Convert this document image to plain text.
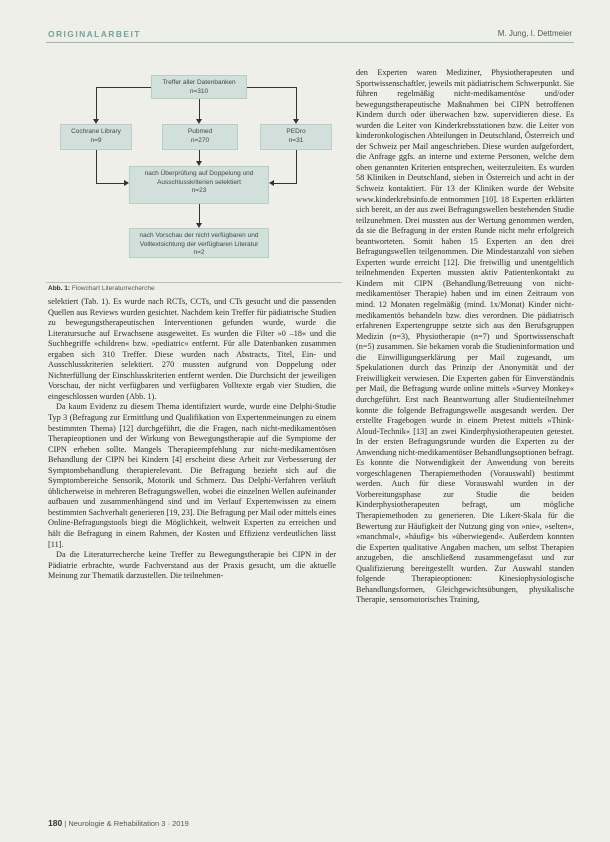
ORIGINALARBEIT	M. Jung, I. Dettmeier
Treffer aller Datenbanken
n=310
Cochrane Library
n=9
Pubmed
n=270
PEDro
n=31
nach Überprüfung auf Doppelung und
Ausschlusskriterien selektiert
n=23
nach Vorschau der nicht verfügbaren und
Volltextsichtung der verfügbaren Literatur
n=2
Abb. 1: Flowchart Literaturrecherche

selektiert (Tab. 1). Es wurde nach RCTs, CCTs, und CTs gesucht und die passenden Quellen aus Reviews wurden gesichtet. Nachdem kein Treffer für pädiatrische Studien zu bewegungstherapeutischen Interventionen gefunden wurde, wurde die Literatursuche auf Erwachsene ausgeweitet. Es wurden die Filter »0 –18« und die Suchbegriffe »children« bzw. »pediatric« entfernt. Für alle Datenbanken zusammen ergaben sich 310 Treffer. Diese wurden nach Abstracts, Titel, Ein- und Ausschlusskriterien selektiert. 270 mussten aufgrund von Doppelung oder Nichterfüllung der Einschlusskriterien entfernt werden. Die Durchsicht der jeweiligen Vorschau, der nicht verfügbaren und verfügbaren Volltexte ergab vier Studien, die eingeschlossen wurden (Abb. 1).

Da kaum Evidenz zu diesem Thema identifiziert wurde, wurde eine Delphi-Studie Typ 3 (Befragung zur Ermittlung und Qualifikation von Expertenmeinungen zu einem bestimmten Thema) [12] durchgeführt, die die Fragen, nach nicht-medikamentösen Therapieoptionen und der Wirkung von Bewegungstherapie auf die Symptome der CIPN erheben sollte. Mangels Therapieempfehlung zur nicht-medikamentösen Behandlung der CIPN bei Kindern [4] erscheint diese Arbeit zur Verbesserung der Symptombehandlung therapierelevant. Die Befragung bezieht sich auf die Symptombereiche Sensorik, Motorik und Schmerz. Das Delphi-Verfahren verläuft üblicherweise in mehreren Befragungswellen, wobei die einzelnen Wellen aufeinander aufbauen und zusammenhängend sind und im Verlauf Expertenwissen zu einem bestimmten Sachverhalt generieren [19, 23]. Die Befragung per Mail oder mittels eines Online-Befragungstools biegt die Möglichkeit, weltweit Experten zu erreichen und hält die Befragung in einem Rahmen, der Kosten und Effizienz verdeutlichen lässt [11].

Da die Literaturrecherche keine Treffer zu Bewegungstherapie bei CIPN in der Pädiatrie erbrachte, wurde Fachverstand aus der Praxis gesucht, um die aktuelle Meinung zur Thematik darzustellen. Die teilnehmen-

den Experten waren Mediziner, Physiotherapeuten und Sportwissenschaftler, jeweils mit pädiatrischem Schwerpunkt. Sie führen regelmäßig nicht-medikamentöse und/oder bewegungstherapeutische Maßnahmen bei CIPN betroffenen Kindern durch oder überwachen bzw. supervidieren diese. Es wurden die Leiter von Kinderkrebsstationen bzw. die Leiter von kinderonkologischen Abteilungen in Deutschland, Österreich und der Schweiz per Mail angeschrieben. Diese wurden aufgefordert, die Anfrage ggfs. an interne und externe Personen, welche dem oben genannten Kriterien entsprechen, weiterzuleiten. Es wurden 58 Kliniken in Deutschland, sieben in Österreich und acht in der Schweiz kontaktiert. Für 13 der Kliniken wurde der Website www.kinderkrebsinfo.de entnommen [10]. 18 Experten erklärten sich bereit, an der aus zwei Befragungswellen bestehenden Studie teilzunehmen. Drei mussten aus der Wertung genommen werden, da sie die Befragung in der ersten Runde nicht mehr erfolgreich beantworteten. Somit haben 15 Experten an den drei Befragungswellen teilgenommen. Die Mindestanzahl von sieben Experten wurde erreicht [12]. Die freiwillig und unentgeltlich teilnehmenden Experten mussten aktiv Patientenkontakt zu Kindern mit CIPN (Behandlung/Betreuung von nicht-medikamentöser Therapie) haben und im einen Zeitraum von mind. 12 Monaten regelmäßig (mind. 1x/Monat) Kinder nicht-medikamentös behandeln bzw. dies verordnen. Die pädiatrisch erfahrenen Expertengruppe setzte sich aus den Berufsgruppen Medizin (n=3), Physiotherapie (n=7) und Sportwissenschaft (n=5) zusammen. Sie bekamen vorab die Studieninformation und die Einwilligungserklärung per Mail zugesandt, um Spekulationen durch das Prinzip der Anonymität und der Freiwilligkeit verwiesen. Die Experten gaben für Einverständnis per Mail, die Befragung wurde online mittels »Survey Monkey« durchgeführt. Erst nach Beantwortung aller Studienteilnehmer konnte die folgende Befragungswelle ausgesandt werden. Der erstellte Fragebogen wurde in einem Pretest mittels »Think-Aloud-Technik« [13] an zwei Kinderphysiotherapeuten getestet. In der ersten Befragungsrunde wurden die Experten zu der Anwendung nicht-medikamentöser Behandlungsoptionen befragt. Es konnte die Notwendigkeit der Anwendung von bereits vorgeschlagenen Therapiemethoden (Vorauswahl) bestimmt werden. Auch für diese Vorauswahl wurden in der Vorbereitungsphase zur Studie die beiden Kinderphysiotherapeuten befragt, um mögliche Therapiemethoden zu generieren. Die Likert-Skala für die Bewertung zur Häufigkeit der Nutzung ging von »nie«, »selten«, »manchmal«, »häufig« bis »überwiegend«. Außerdem konnten die Experten qualitative Angaben machen, um selbst Therapien anzugeben, die anschließend zusammengefasst und zur Qualifizierung bereitgestellt wurden. Zur Auswahl standen folgende Therapieoptionen: Kinesiophysiologische Behandlungsformen, Gleichgewichtsübungen, physikalische Therapie, sensomotorisches Training,

180 | Neurologie & Rehabilitation 3 · 2019
